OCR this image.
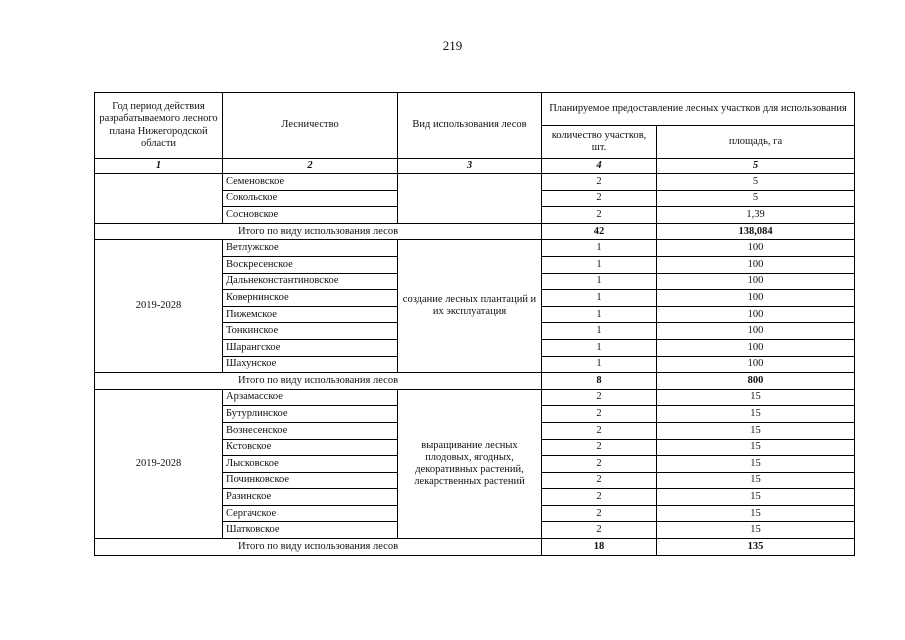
219
Год период действия разрабатываемого лесного плана Нижегородской области	Лесничество	Вид использования лесов	Планируемое предоставление лесных участков для использования	
			количество участков, шт.	площадь, га
1	2	3	4	5
	Семеновское		2	5
	Сокольское		2	5
	Сосновское		2	1,39
Итого по виду использования лесов			42	138,084
2019-2028	Ветлужское	создание лесных плантаций и их эксплуатация	1	100
	Воскресенское		1	100
	Дальнеконстантиновское		1	100
	Ковернинское		1	100
	Пижемское		1	100
	Тонкинское		1	100
	Шарангское		1	100
	Шахунское		1	100
Итого по виду использования лесов			8	800
2019-2028	Арзамасское	выращивание лесных плодовых, ягодных, декоративных растений, лекарственных растений	2	15
	Бутурлинское		2	15
	Вознесенское		2	15
	Кстовское		2	15
	Лысковское		2	15
	Починковское		2	15
	Разинское		2	15
	Сергачское		2	15
	Шатковское		2	15
Итого по виду использования лесов			18	135
